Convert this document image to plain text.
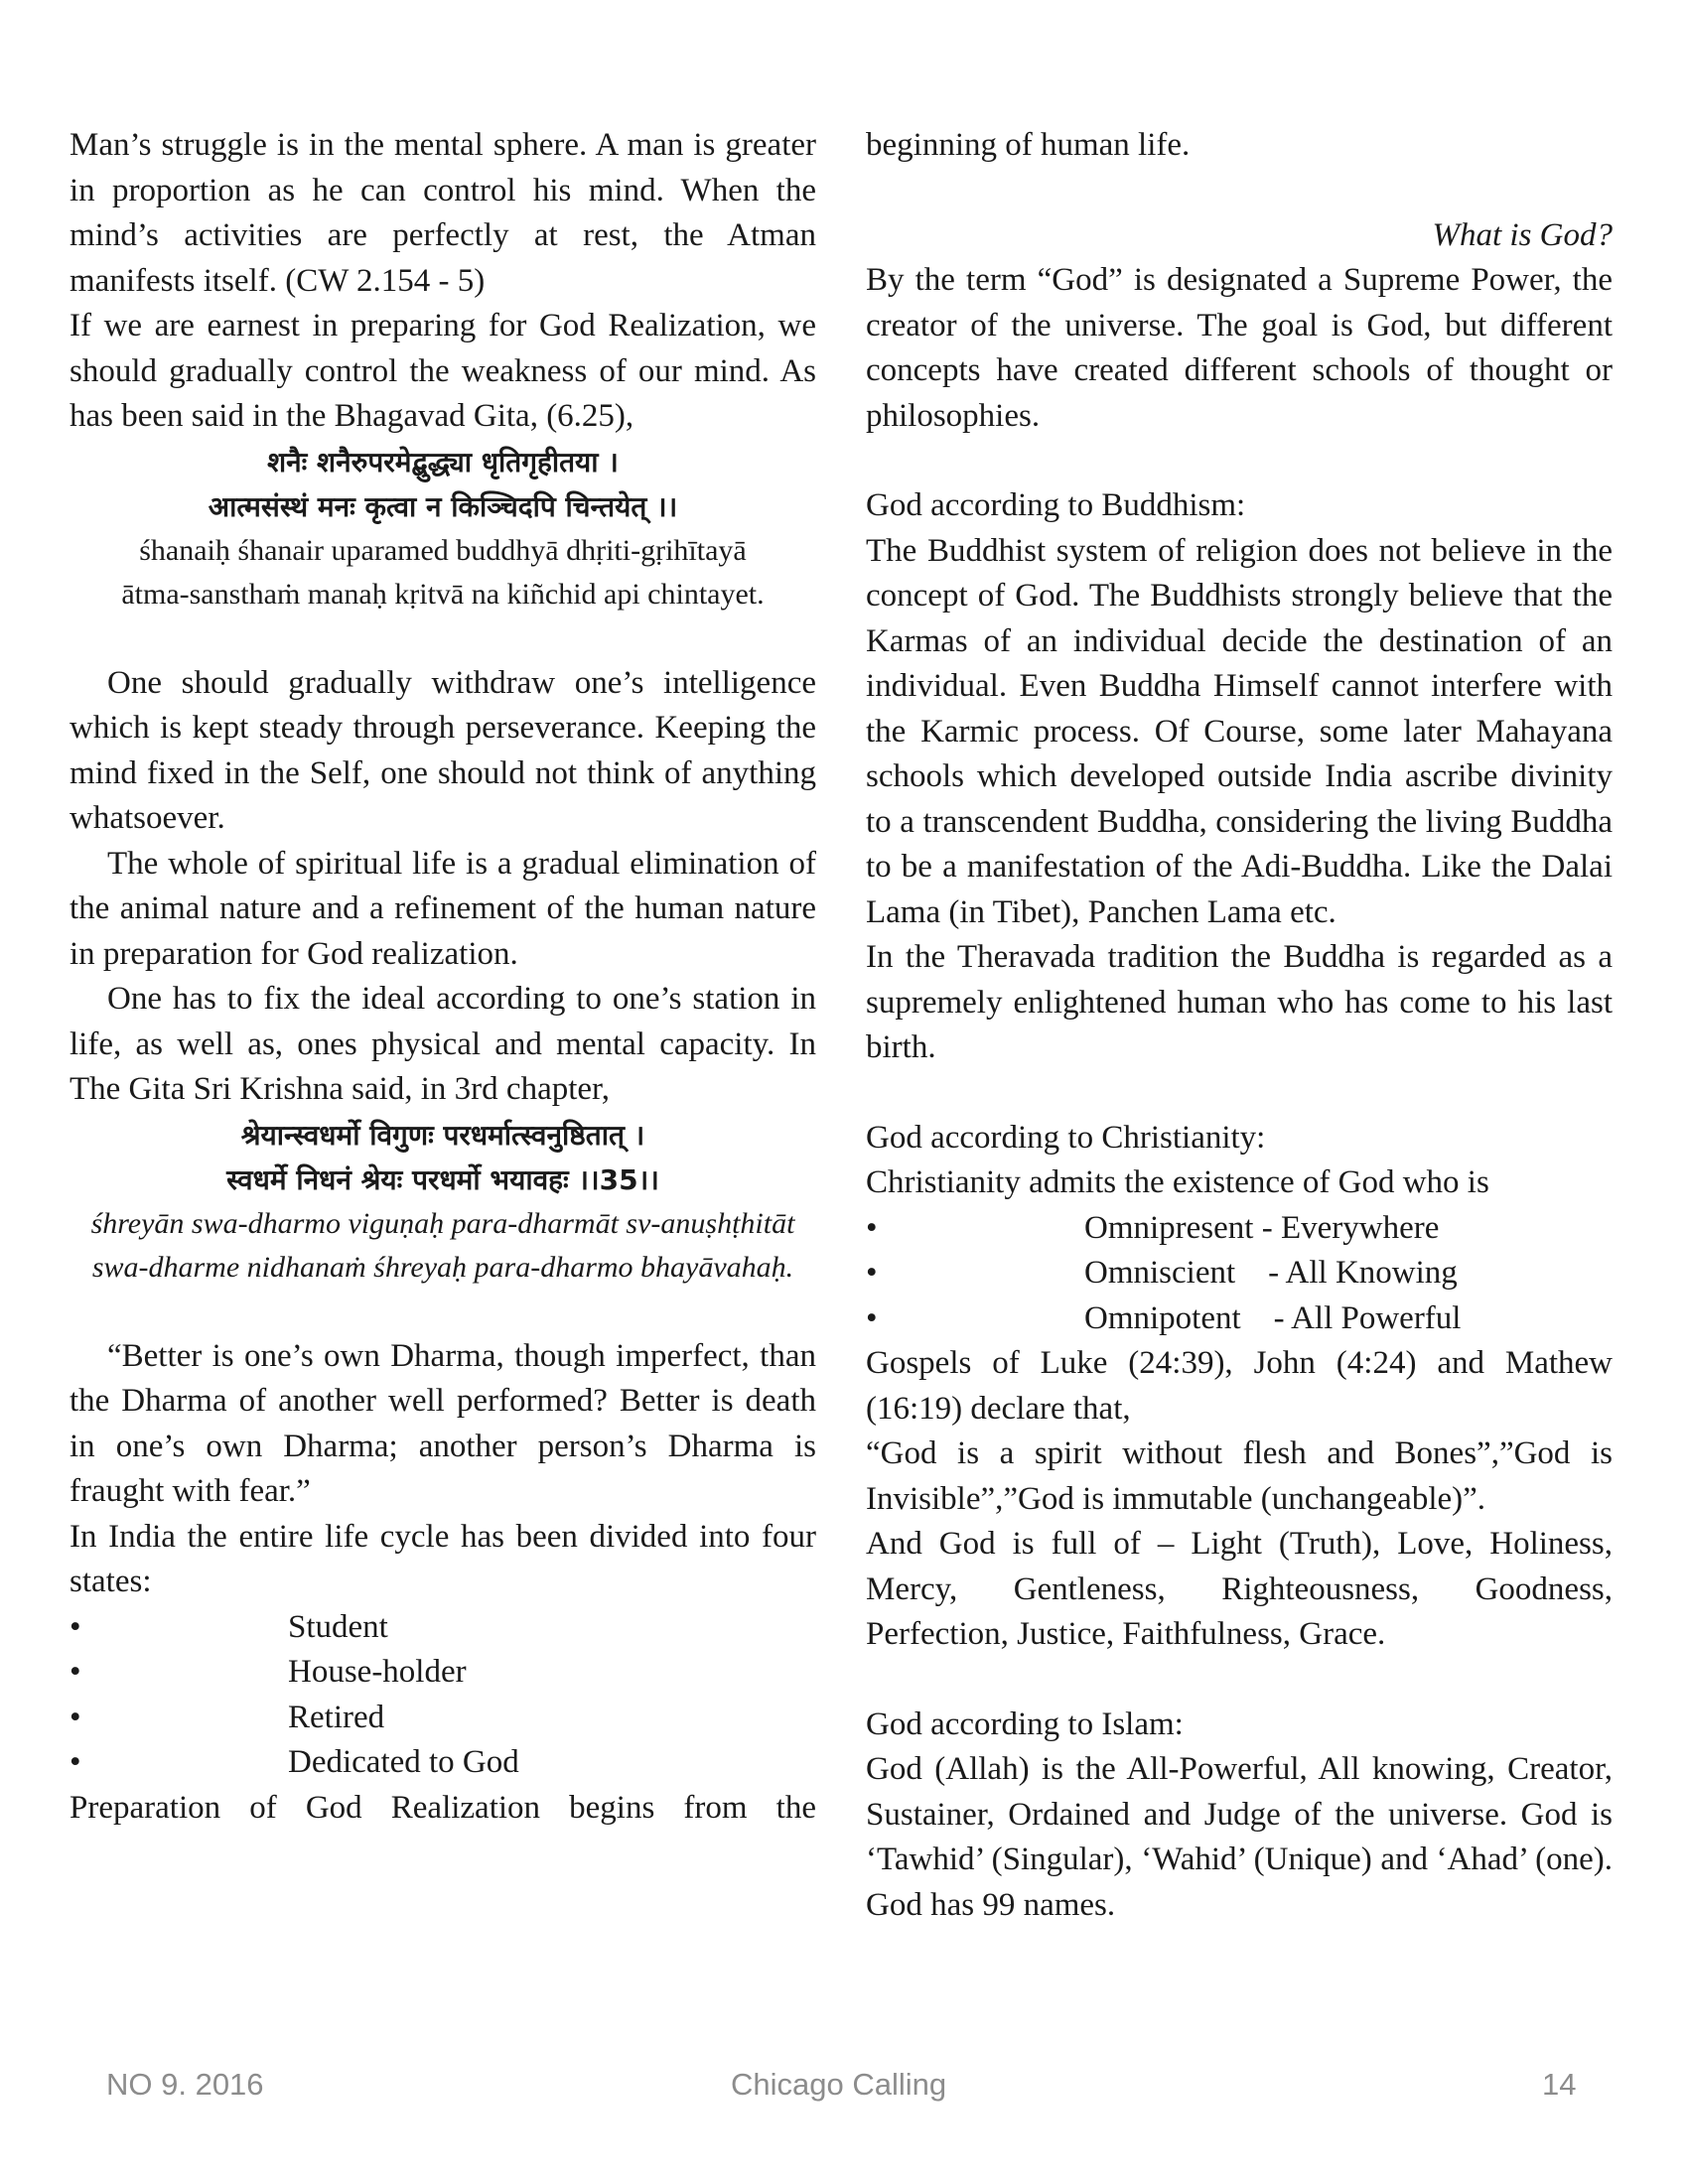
Man’s struggle is in the mental sphere. A man is greater in proportion as he can control his mind. When the mind’s activities are perfectly at rest, the Atman manifests itself. (CW 2.154 - 5)

If we are earnest in preparing for God Realization, we should gradually control the weakness of our mind. As has been said in the Bhagavad Gita, (6.25),

शनैः शनैरुपरमेद्बुद्ध्या धृतिगृहीतया ।

आत्मसंस्थं मनः कृत्वा न किञ्चिदपि चिन्तयेत् ।।

śhanaiḥ śhanair uparamed buddhyā dhṛiti-gṛihītayā

ātma-sansthaṁ manaḥ kṛitvā na kiñchid api chintayet.

One should gradually withdraw one’s intelligence which is kept steady through perseverance. Keeping the mind fixed in the Self, one should not think of anything whatsoever.

The whole of spiritual life is a gradual elimination of the animal nature and a refinement of the human nature in preparation for God realization.

One has to fix the ideal according to one’s station in life, as well as, ones physical and mental capacity. In The Gita Sri Krishna said, in 3rd chapter,

श्रेयान्स्वधर्मो विगुणः परधर्मात्स्वनुष्ठितात् ।

स्वधर्मे निधनं श्रेयः परधर्मो भयावहः ।।35।।

śhreyān swa-dharmo viguṇaḥ para-dharmāt sv-anuṣhṭhitāt

swa-dharme nidhanaṁ śhreyaḥ para-dharmo bhayāvahaḥ.

“Better is one’s own Dharma, though imperfect, than the Dharma of another well performed? Better is death in one’s own Dharma; another person’s Dharma is fraught with fear.”

In India the entire life cycle has been divided into four states:

•	Student
•	House-holder
•	Retired
•	Dedicated to God

Preparation of God Realization begins from the

beginning of human life.

What is God?

By the term “God” is designated a Supreme Power, the creator of the universe. The goal is God, but different concepts have created different schools of thought or philosophies.

God according to Buddhism:

The Buddhist system of religion does not believe in the concept of God. The Buddhists strongly believe that the Karmas of an individual decide the destination of an individual. Even Buddha Himself cannot interfere with the Karmic process. Of Course, some later Mahayana schools which developed outside India ascribe divinity to a transcendent Buddha, considering the living Buddha to be a manifestation of the Adi-Buddha. Like the Dalai Lama (in Tibet), Panchen Lama etc.

In the Theravada tradition the Buddha is regarded as a supremely enlightened human who has come to his last birth.

God according to Christianity:

Christianity admits the existence of God who is

•	Omnipresent - Everywhere
•	Omniscient    - All Knowing
•	Omnipotent    - All Powerful

Gospels of Luke (24:39), John (4:24) and Mathew (16:19) declare that,

“God is a spirit without flesh and Bones”,”God is Invisible”,”God is immutable (unchangeable)”.

And God is full of – Light (Truth), Love, Holiness, Mercy, Gentleness, Righteousness, Goodness, Perfection, Justice, Faithfulness, Grace.

God according to Islam:

God (Allah) is the All-Powerful, All knowing, Creator, Sustainer, Ordained and Judge of the universe. God is ‘Tawhid’ (Singular), ‘Wahid’ (Unique) and ‘Ahad’ (one). God has 99 names.

NO 9. 2016	Chicago Calling	14
